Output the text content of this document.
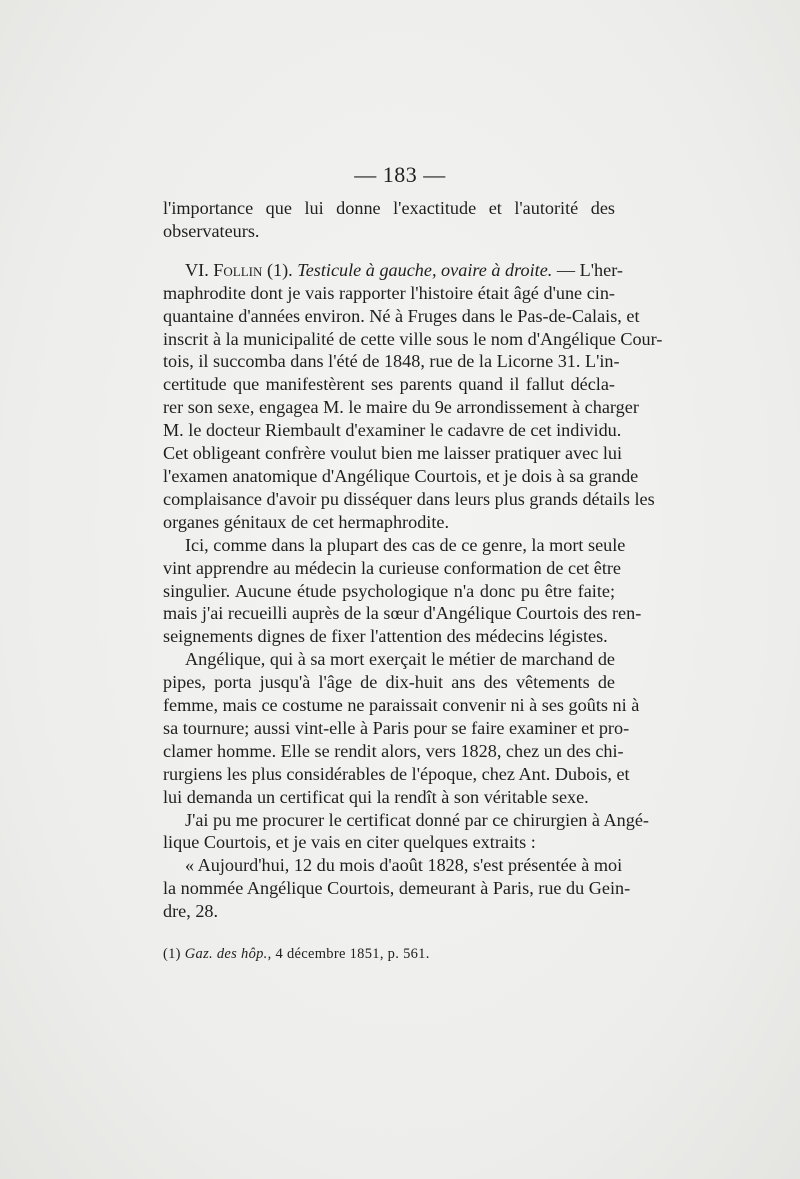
— 183 —

l'importance que lui donne l'exactitude et l'autorité des
observateurs.

VI. Follin (1). Testicule à gauche, ovaire à droite. — L'her-
maphrodite dont je vais rapporter l'histoire était âgé d'une cin-
quantaine d'années environ. Né à Fruges dans le Pas-de-Calais, et
inscrit à la municipalité de cette ville sous le nom d'Angélique Cour-
tois, il succomba dans l'été de 1848, rue de la Licorne 31. L'in-
certitude que manifestèrent ses parents quand il fallut décla-
rer son sexe, engagea M. le maire du 9e arrondissement à charger
M. le docteur Riembault d'examiner le cadavre de cet individu.
Cet obligeant confrère voulut bien me laisser pratiquer avec lui
l'examen anatomique d'Angélique Courtois, et je dois à sa grande
complaisance d'avoir pu disséquer dans leurs plus grands détails les
organes génitaux de cet hermaphrodite.

Ici, comme dans la plupart des cas de ce genre, la mort seule
vint apprendre au médecin la curieuse conformation de cet être
singulier. Aucune étude psychologique n'a donc pu être faite;
mais j'ai recueilli auprès de la sœur d'Angélique Courtois des ren-
seignements dignes de fixer l'attention des médecins légistes.

Angélique, qui à sa mort exerçait le métier de marchand de
pipes, porta jusqu'à l'âge de dix-huit ans des vêtements de
femme, mais ce costume ne paraissait convenir ni à ses goûts ni à
sa tournure; aussi vint-elle à Paris pour se faire examiner et pro-
clamer homme. Elle se rendit alors, vers 1828, chez un des chi-
rurgiens les plus considérables de l'époque, chez Ant. Dubois, et
lui demanda un certificat qui la rendît à son véritable sexe.

J'ai pu me procurer le certificat donné par ce chirurgien à Angé-
lique Courtois, et je vais en citer quelques extraits :

« Aujourd'hui, 12 du mois d'août 1828, s'est présentée à moi
la nommée Angélique Courtois, demeurant à Paris, rue du Gein-
dre, 28.

(1) Gaz. des hôp., 4 décembre 1851, p. 561.
